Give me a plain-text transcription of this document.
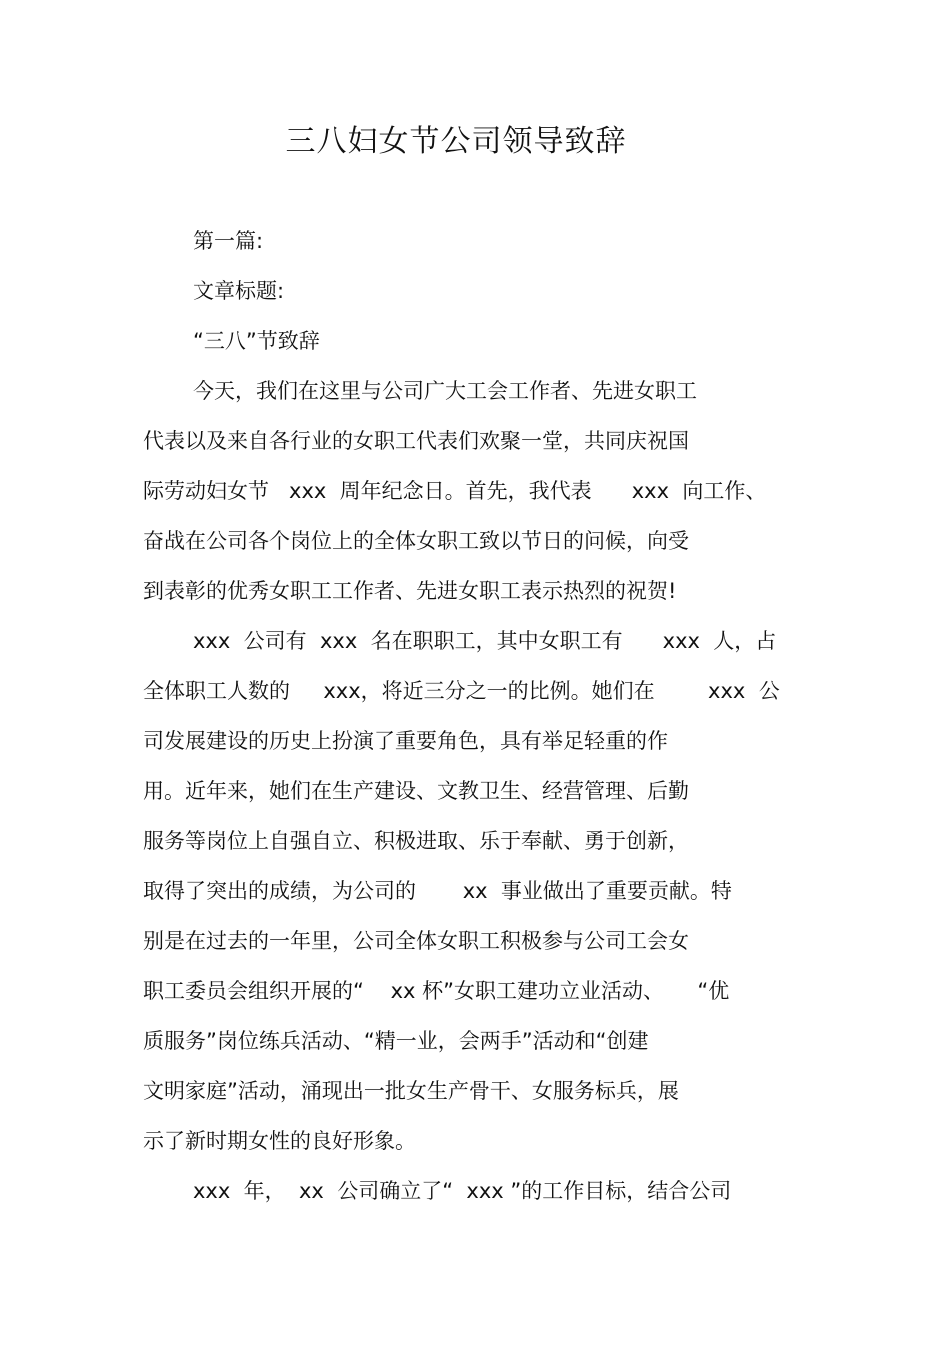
三八妇女节公司领导致辞
第一篇:
文章标题:
“三八”节致辞
今天，我们在这里与公司广大工会工作者、先进女职工
代表以及来自各行业的女职工代表们欢聚一堂，共同庆祝国
际劳动妇女节   xxx  周年纪念日。首先，我代表      xxx  向工作、
奋战在公司各个岗位上的全体女职工致以节日的问候，向受
到表彰的优秀女职工工作者、先进女职工表示热烈的祝贺!
xxx  公司有  xxx  名在职职工，其中女职工有      xxx  人，占
全体职工人数的     xxx，将近三分之一的比例。她们在        xxx  公
司发展建设的历史上扮演了重要角色，具有举足轻重的作
用。近年来，她们在生产建设、文教卫生、经营管理、后勤
服务等岗位上自强自立、积极进取、乐于奉献、勇于创新，
取得了突出的成绩，为公司的       xx  事业做出了重要贡献。特
别是在过去的一年里，公司全体女职工积极参与公司工会女
职工委员会组织开展的“    xx 杯”女职工建功立业活动、     “优
质服务”岗位练兵活动、“精一业，会两手”活动和“创建
文明家庭”活动，涌现出一批女生产骨干、女服务标兵，展
示了新时期女性的良好形象。
xxx  年，  xx  公司确立了“  xxx ”的工作目标，结合公司
